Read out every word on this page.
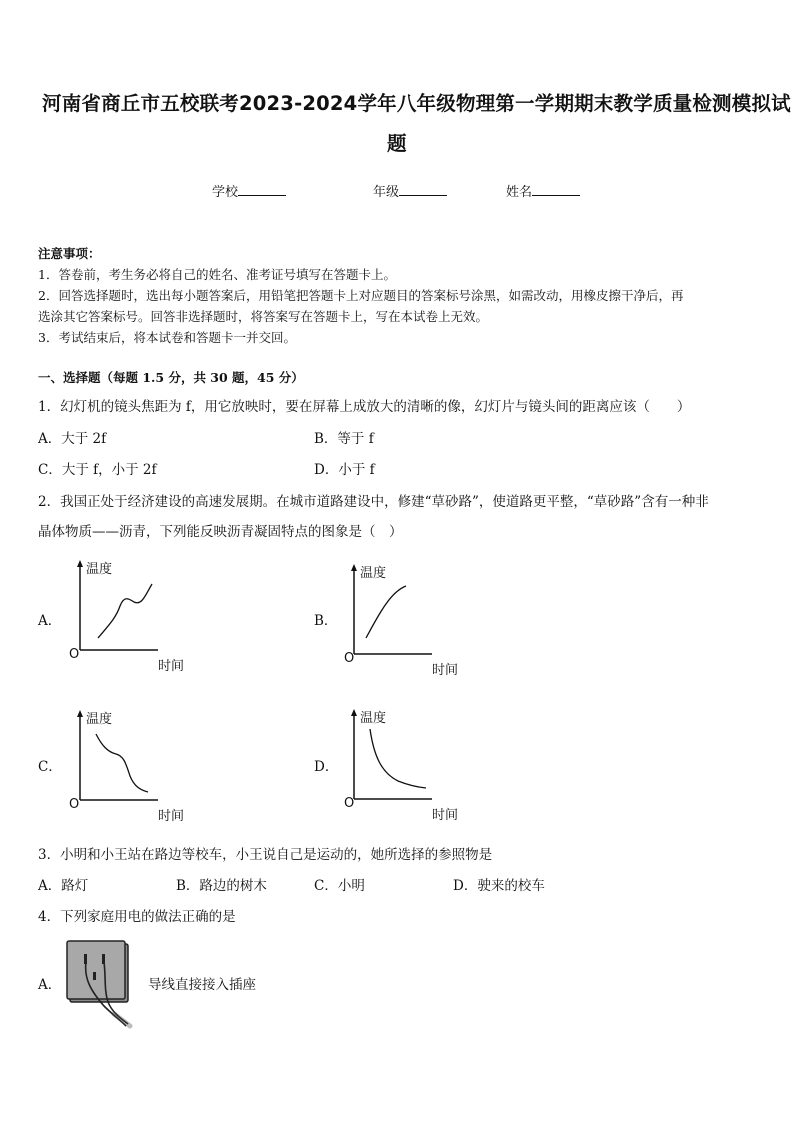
河南省商丘市五校联考2023-2024学年八年级物理第一学期期末教学质量检测模拟试
题
学校	年级	姓名
注意事项：
1．答卷前，考生务必将自己的姓名、准考证号填写在答题卡上。
2．回答选择题时，选出每小题答案后，用铅笔把答题卡上对应题目的答案标号涂黑，如需改动，用橡皮擦干净后，再
选涂其它答案标号。回答非选择题时，将答案写在答题卡上，写在本试卷上无效。
3．考试结束后，将本试卷和答题卡一并交回。
一、选择题（每题 1.5 分，共 30 题，45 分）
1．幻灯机的镜头焦距为 f，用它放映时，要在屏幕上成放大的清晰的像，幻灯片与镜头间的距离应该（　　）
A．大于 2f	B．等于 f
C．大于 f，小于 2f	D．小于 f
2．我国正处于经济建设的高速发展期。在城市道路建设中，修建“草砂路”，使道路更平整，“草砂路”含有一种非
晶体物质——沥青，下列能反映沥青凝固特点的图象是（　）
A．	B．
C．	D．
温度
O
时间
温度
O
时间
温度
O
时间
温度
O
时间
3．小明和小王站在路边等校车，小王说自己是运动的，她所选择的参照物是
A．路灯	B．路边的树木	C．小明	D．驶来的校车
4．下列家庭用电的做法正确的是
A．	导线直接接入插座
